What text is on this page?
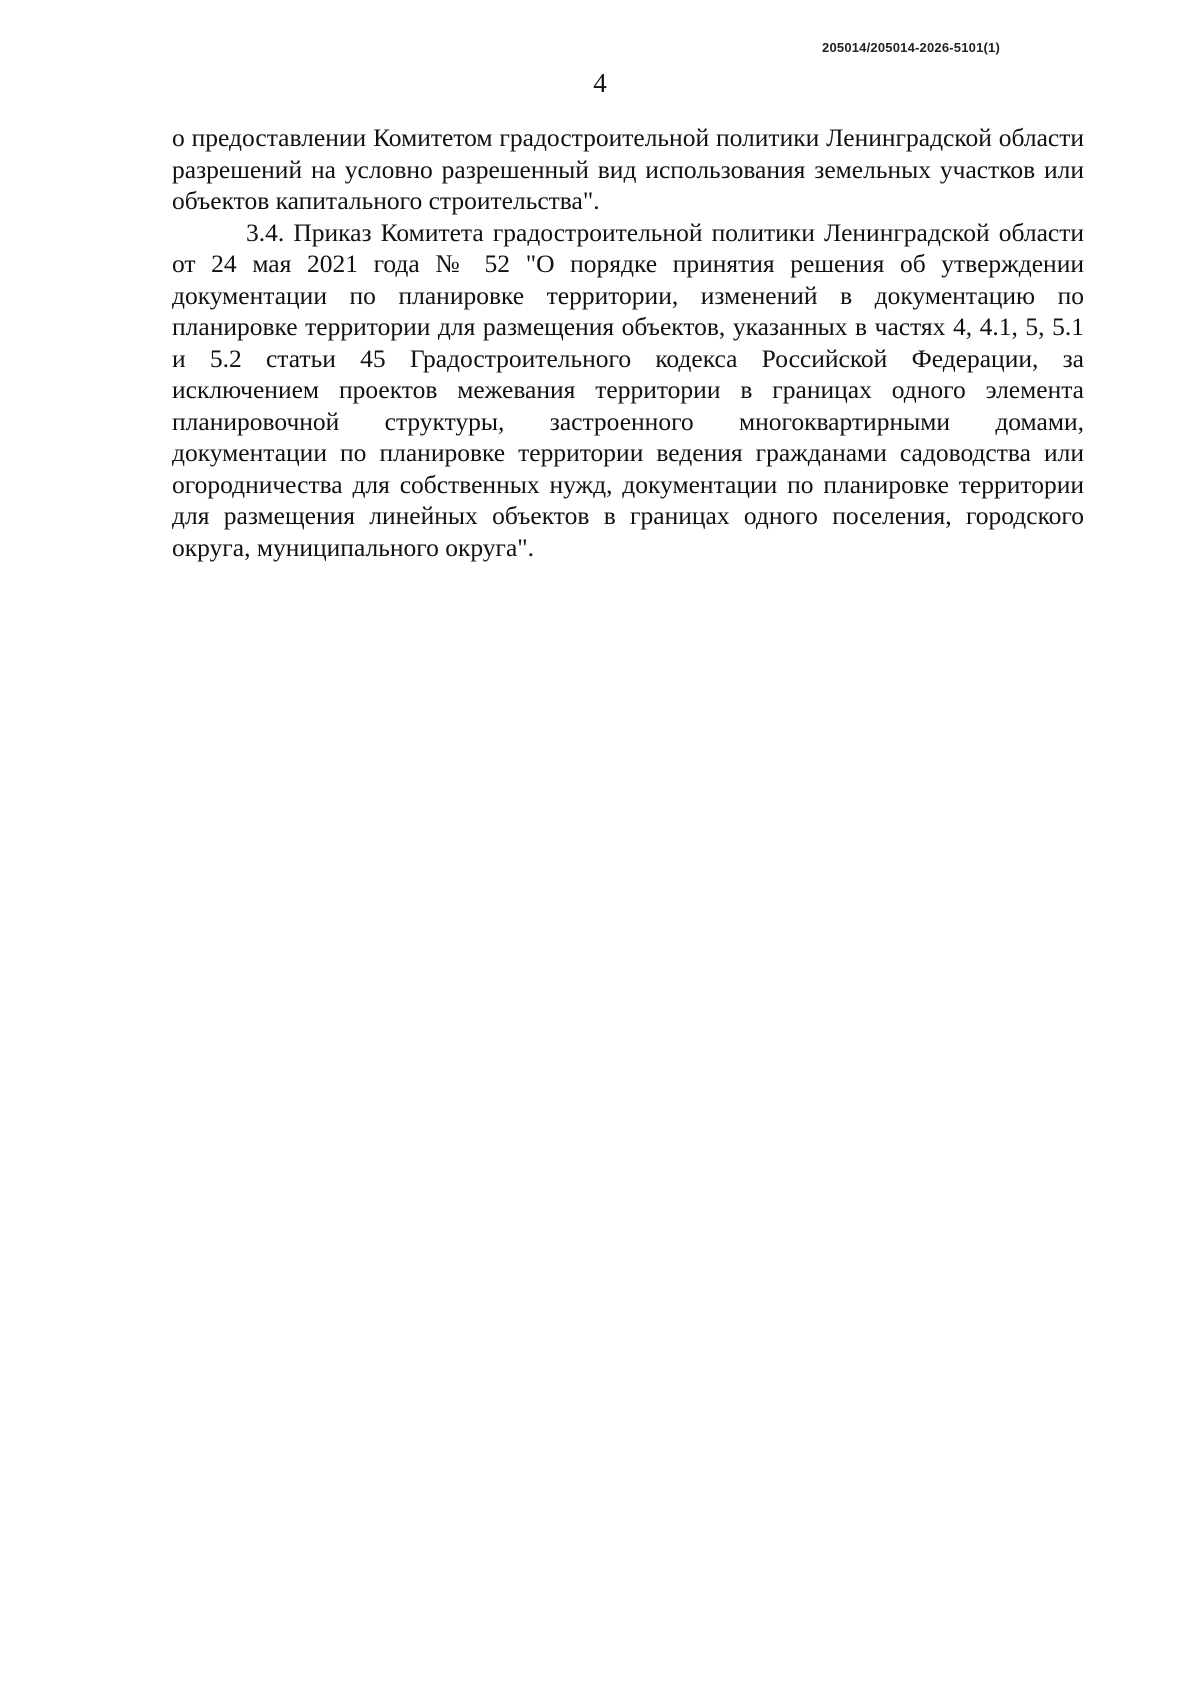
205014/205014-2026-5101(1)
4

о предоставлении Комитетом градостроительной политики Ленинградской области разрешений на условно разрешенный вид использования земельных участков или объектов капитального строительства".

3.4. Приказ Комитета градостроительной политики Ленинградской области от 24 мая 2021 года № 52 "О порядке принятия решения об утверждении документации по планировке территории, изменений в документацию по планировке территории для размещения объектов, указанных в частях 4, 4.1, 5, 5.1 и 5.2 статьи 45 Градостроительного кодекса Российской Федерации, за исключением проектов межевания территории в границах одного элемента планировочной структуры, застроенного многоквартирными домами, документации по планировке территории ведения гражданами садоводства или огородничества для собственных нужд, документации по планировке территории для размещения линейных объектов в границах одного поселения, городского округа, муниципального округа".
